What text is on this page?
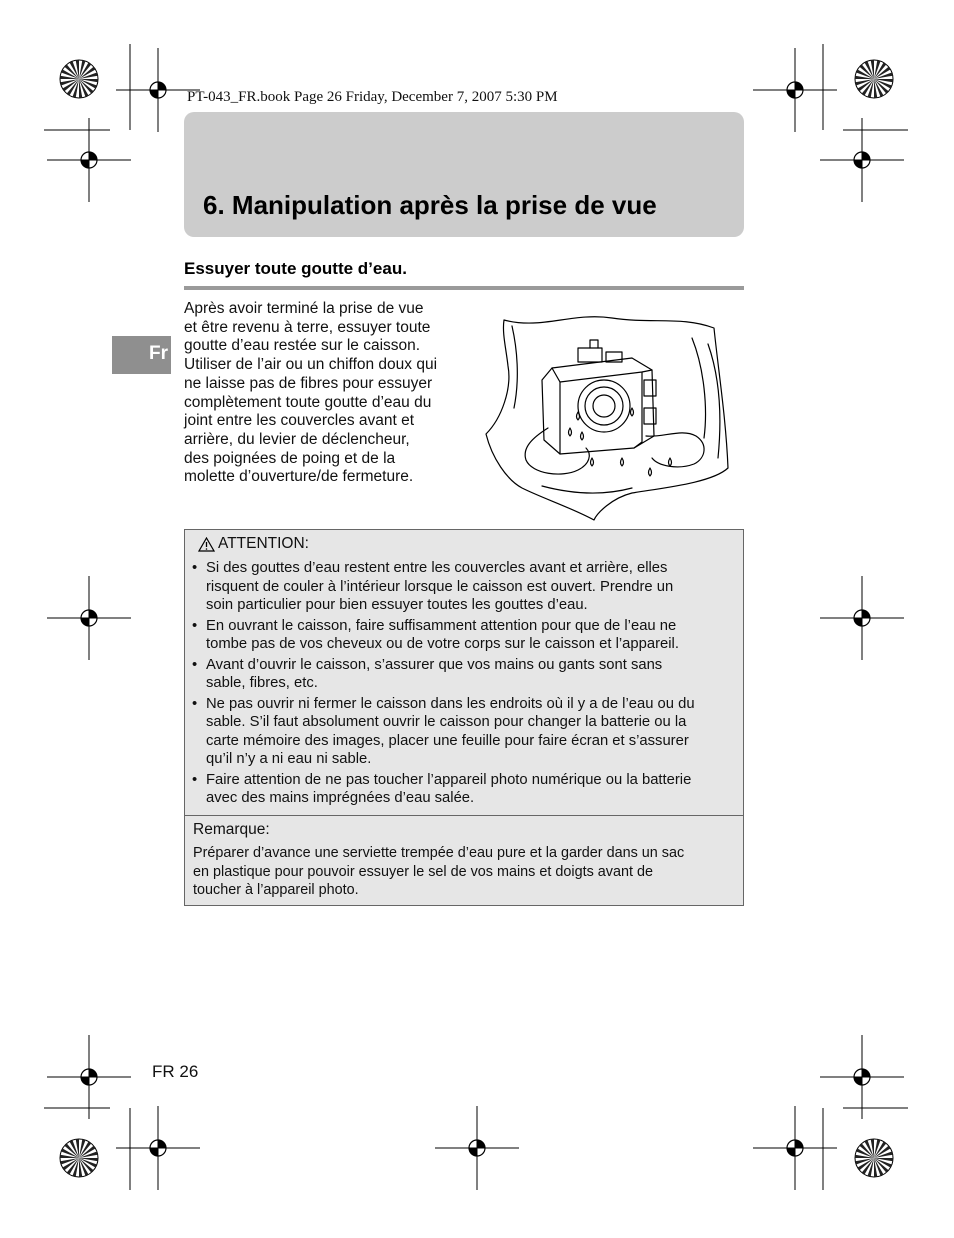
PT-043_FR.book Page 26 Friday, December 7, 2007 5:30 PM
6. Manipulation après la prise de vue
Essuyer toute goutte d’eau.
Fr
Après avoir terminé la prise de vue
et être revenu à terre, essuyer toute
goutte d’eau restée sur le caisson.
Utiliser de l’air ou un chiffon doux qui
ne laisse pas de fibres pour essuyer
complètement toute goutte d’eau du
joint entre les couvercles avant et
arrière, du levier de déclencheur,
des poignées de poing et de la
molette d’ouverture/de fermeture.
ATTENTION:
• Si des gouttes d’eau restent entre les couvercles avant et arrière, elles
risquent de couler à l’intérieur lorsque le caisson est ouvert. Prendre un
soin particulier pour bien essuyer toutes les gouttes d’eau.
• En ouvrant le caisson, faire suffisamment attention pour que de l’eau ne
tombe pas de vos cheveux ou de votre corps sur le caisson et l’appareil.
• Avant d’ouvrir le caisson, s’assurer que vos mains ou gants sont sans
sable, fibres, etc.
• Ne pas ouvrir ni fermer le caisson dans les endroits où il y a de l’eau ou du
sable. S’il faut absolument ouvrir le caisson pour changer la batterie ou la
carte mémoire des images, placer une feuille pour faire écran et s’assurer
qu’il n’y a ni eau ni sable.
• Faire attention de ne pas toucher l’appareil photo numérique ou la batterie
avec des mains imprégnées d’eau salée.
Remarque:
Préparer d’avance une serviette trempée d’eau pure et la garder dans un sac
en plastique pour pouvoir essuyer le sel de vos mains et doigts avant de
toucher à l’appareil photo.
FR 26
